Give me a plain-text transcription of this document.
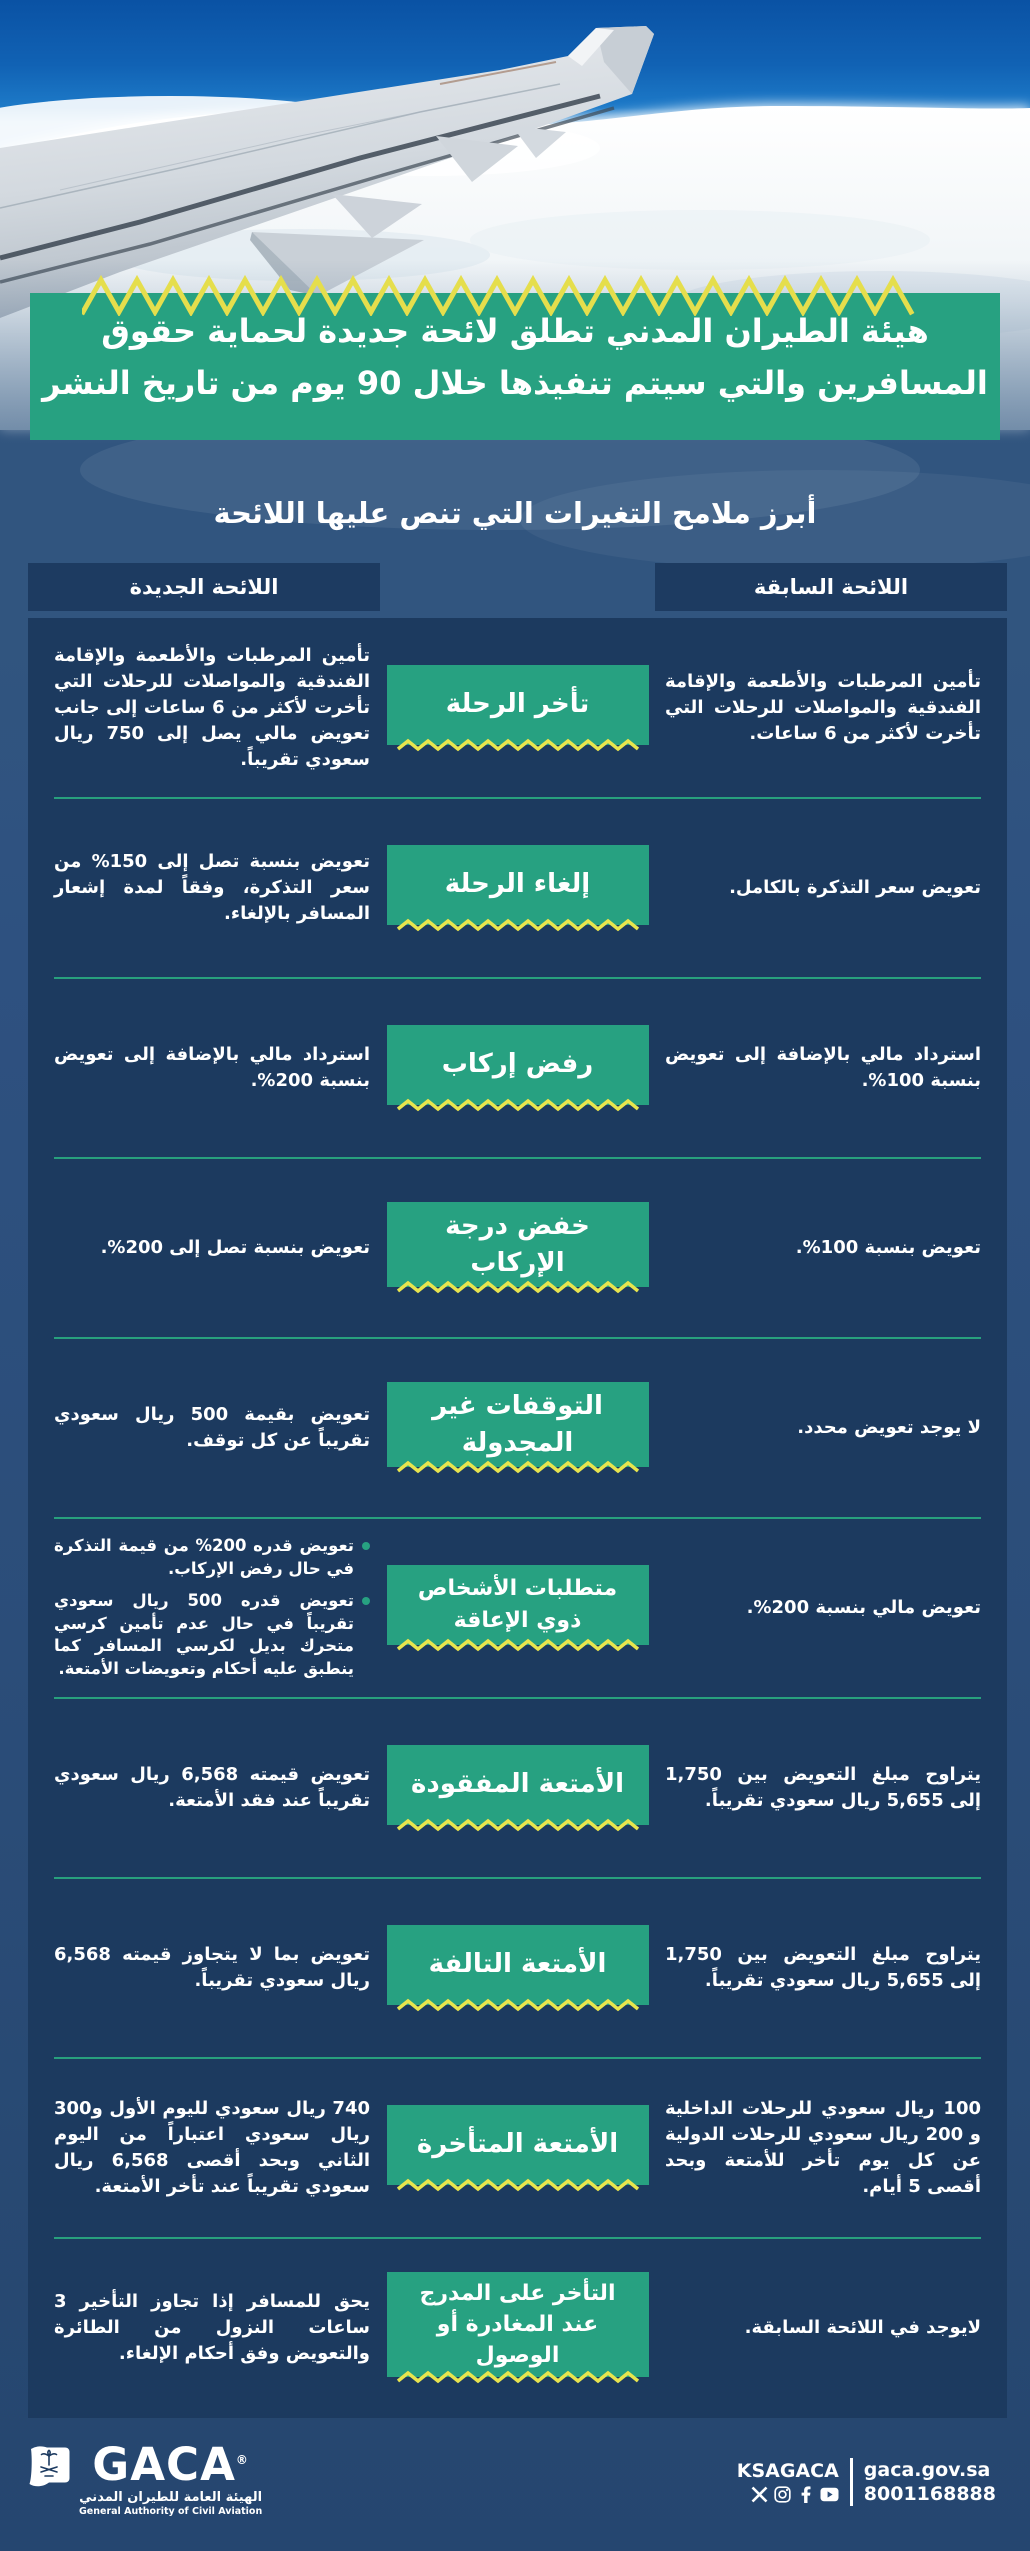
هيئة الطيران المدني تطلق لائحة جديدة لحماية حقوق
المسافرين والتي سيتم تنفيذها خلال 90 يوم من تاريخ النشر
أبرز ملامح التغيرات التي تنص عليها اللائحة
اللائحة الجديدة	اللائحة السابقة
تأمين المرطبات والأطعمة والإقامة الفندقية والمواصلات للرحلات التي تأخرت لأكثر من 6 ساعات.
تأخر الرحلة
تأمين المرطبات والأطعمة والإقامة الفندقية والمواصلات للرحلات التي تأخرت لأكثر من 6 ساعات إلى جانب تعويض مالي يصل إلى 750 ريال سعودي تقريباً.
تعويض سعر التذكرة بالكامل.
إلغاء الرحلة
تعويض بنسبة تصل إلى 150% من سعر التذكرة، وفقاً لمدة إشعار المسافر بالإلغاء.
استرداد مالي بالإضافة إلى تعويض بنسبة 100%.
رفض إركاب
استرداد مالي بالإضافة إلى تعويض بنسبة 200%.
تعويض بنسبة 100%.
خفض درجة الإركاب
تعويض بنسبة تصل إلى 200%.
لا يوجد تعويض محدد.
التوقفات غير المجدولة
تعويض بقيمة 500 ريال سعودي تقريباً عن كل توقف.
تعويض مالي بنسبة 200%.
متطلبات الأشخاص
ذوي الإعاقة
تعويض قدره 200% من قيمة التذكرة في حال رفض الإركاب.
تعويض قدره 500 ريال سعودي تقريباً في حال عدم تأمين كرسي متحرك بديل لكرسي المسافر كما ينطبق عليه أحكام وتعويضات الأمتعة.
يتراوح مبلغ التعويض بين 1,750 إلى 5,655 ريال سعودي تقريباً.
الأمتعة المفقودة
تعويض قيمته 6,568 ريال سعودي تقريباً عند فقد الأمتعة.
يتراوح مبلغ التعويض بين 1,750 إلى 5,655 ريال سعودي تقريباً.
الأمتعة التالفة
تعويض بما لا يتجاوز قيمته 6,568 ريال سعودي تقريباً.
100 ريال سعودي للرحلات الداخلية و 200 ريال سعودي للرحلات الدولية عن كل يوم تأخر للأمتعة وبحد أقصى 5 أيام.
الأمتعة المتأخرة
740 ريال سعودي لليوم الأول و300 ريال سعودي اعتباراً من اليوم الثاني وبحد أقصى 6,568 ريال سعودي تقريباً عند تأخر الأمتعة.
لايوجد في اللائحة السابقة.
التأخر على المدرج
عند المغادرة أو الوصول
يحق للمسافر إذا تجاوز التأخير 3 ساعات النزول من الطائرة والتعويض وفق أحكام الإلغاء.
GACA®
الهيئة العامة للطيران المدني
General Authority of Civil Aviation
KSAGACA gaca.gov.sa
8001168888
